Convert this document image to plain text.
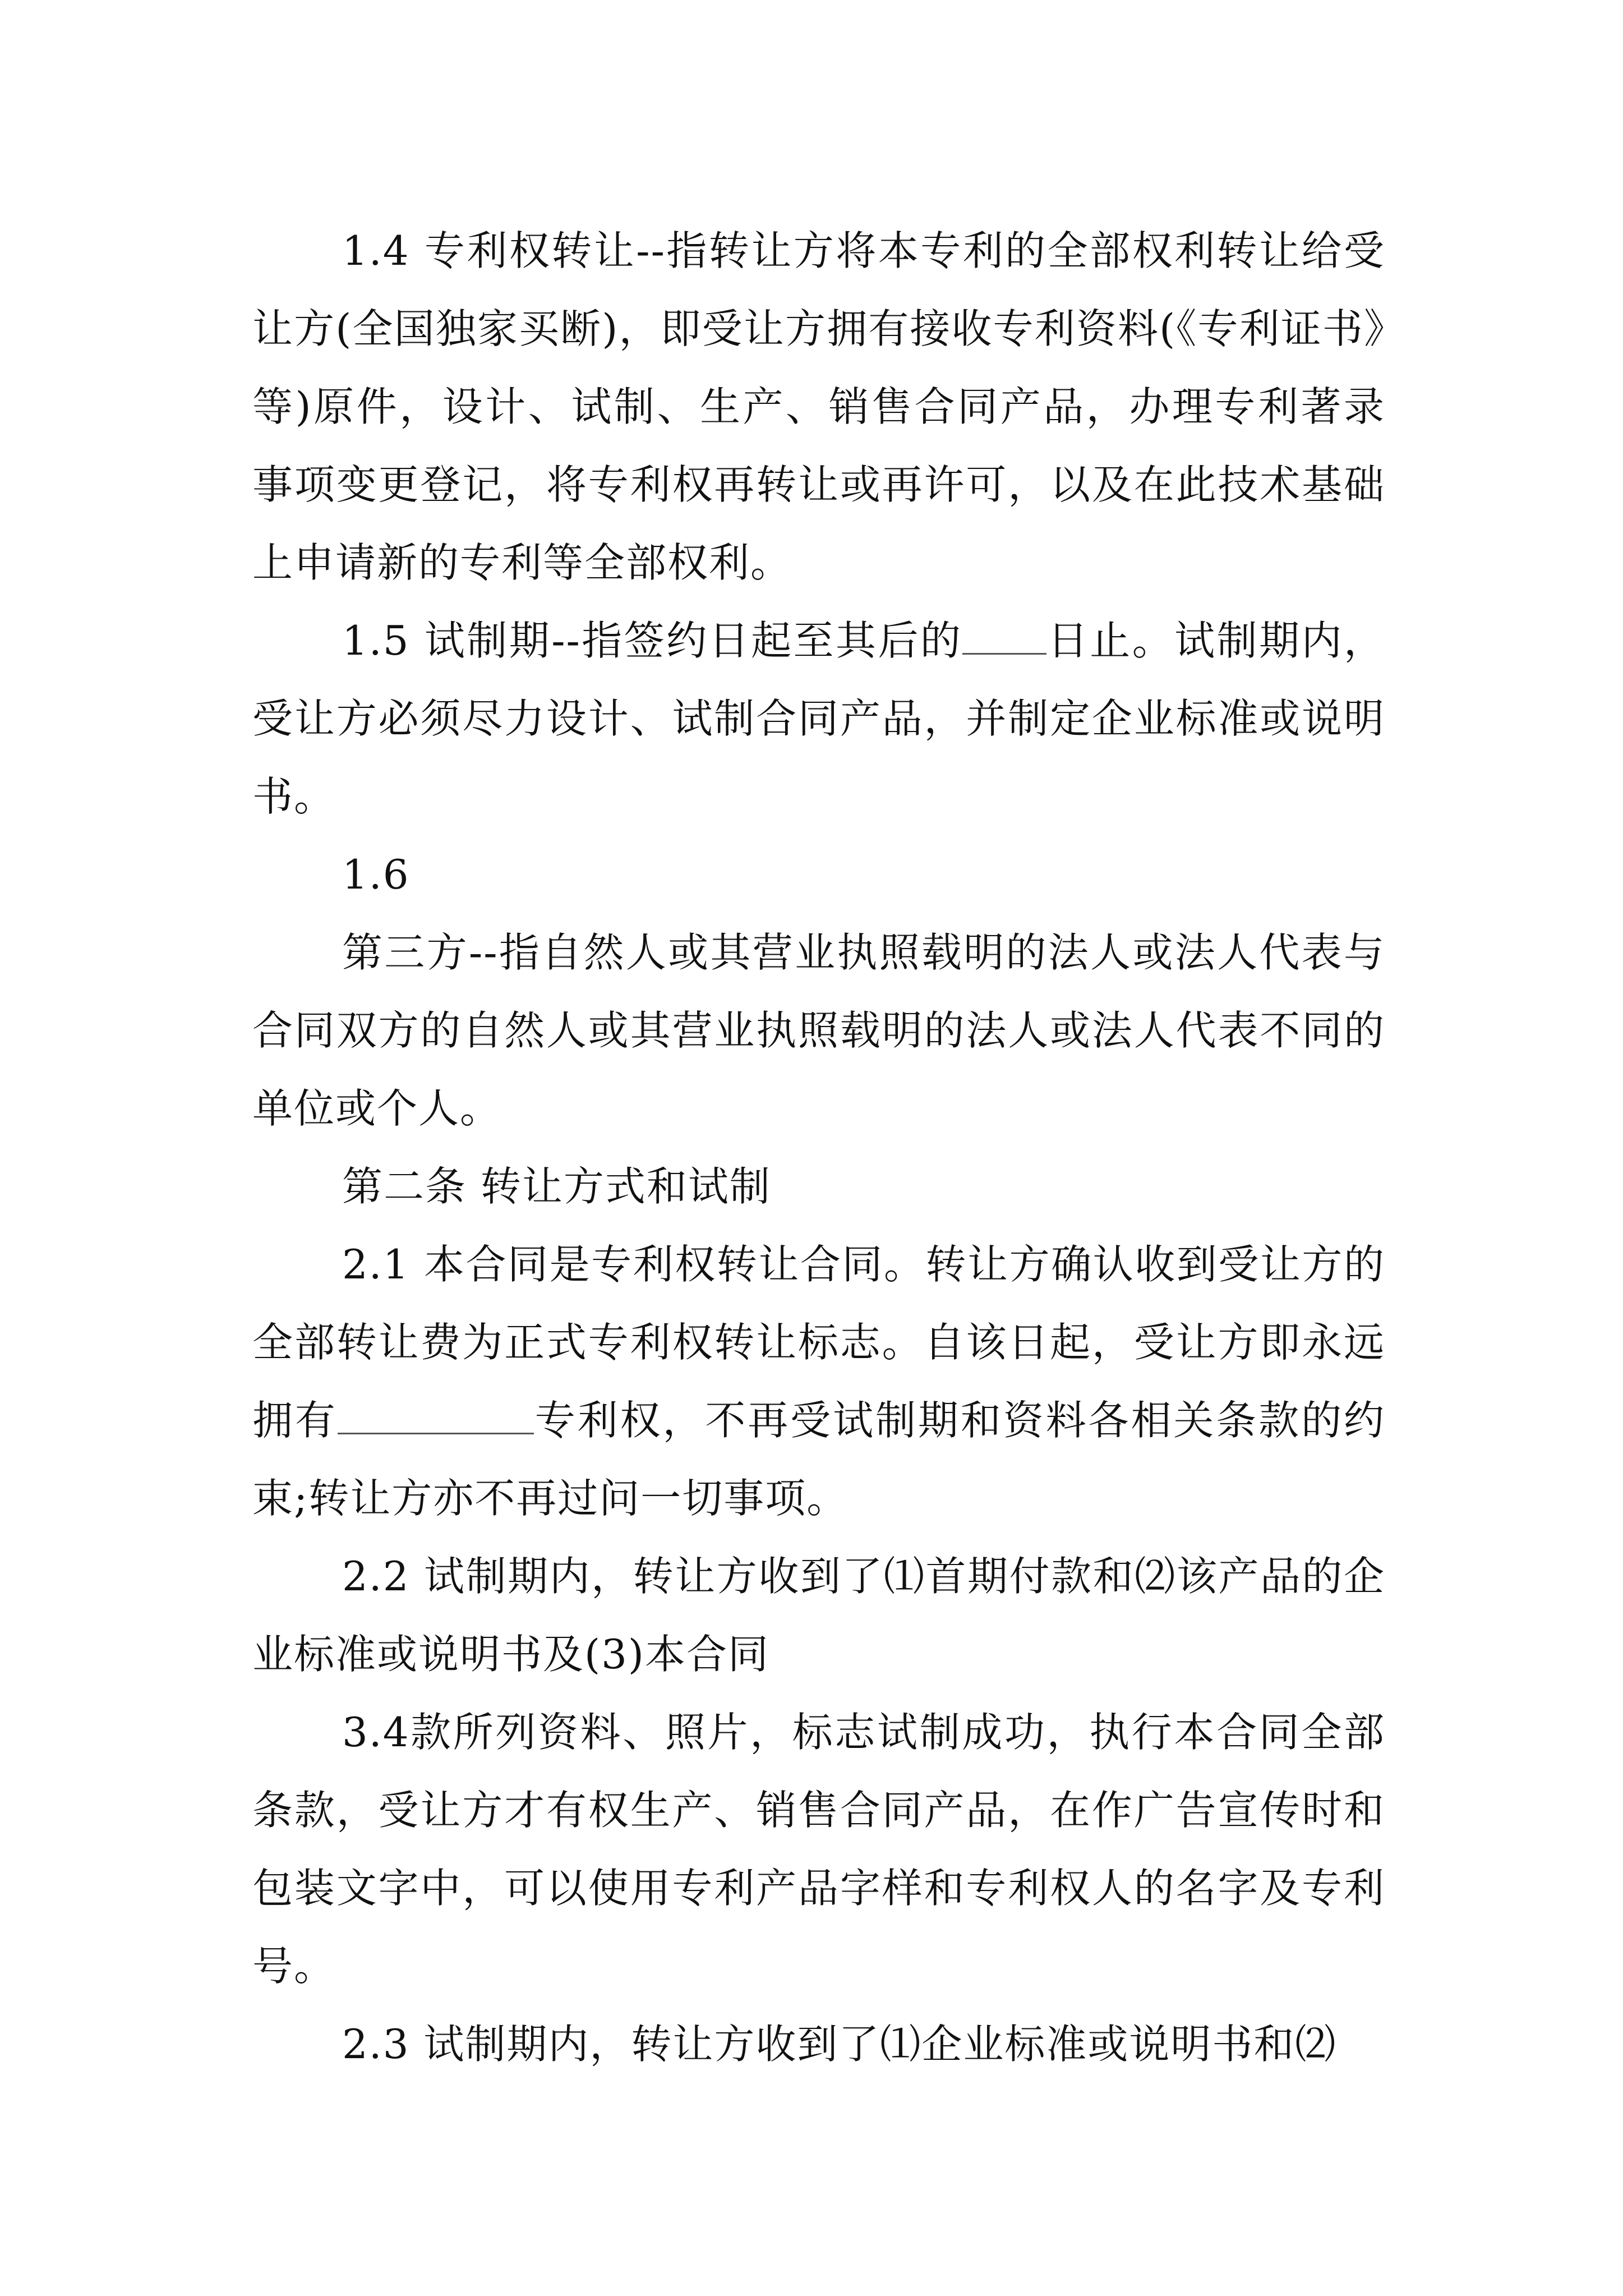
1.4 专利权转让--指转让方将本专利的全部权利转让给受让方(全国独家买断)，即受让方拥有接收专利资料(《专利证书》等)原件，设计、试制、生产、销售合同产品，办理专利著录事项变更登记，将专利权再转让或再许可，以及在此技术基础上申请新的专利等全部权利。

1.5 试制期--指签约日起至其后的 日止。试制期内，受让方必须尽力设计、试制合同产品，并制定企业标准或说明书。

1.6

第三方--指自然人或其营业执照载明的法人或法人代表与合同双方的自然人或其营业执照载明的法人或法人代表不同的单位或个人。

第二条 转让方式和试制

2.1 本合同是专利权转让合同。转让方确认收到受让方的全部转让费为正式专利权转让标志。自该日起，受让方即永远拥有	专利权，不再受试制期和资料各相关条款的约束;转让方亦不再过问一切事项。

2.2 试制期内，转让方收到了⑴首期付款和⑵该产品的企业标准或说明书及(3)本合同

3.4款所列资料、照片，标志试制成功，执行本合同全部条款，受让方才有权生产、销售合同产品，在作广告宣传时和包装文字中，可以使用专利产品字样和专利权人的名字及专利号。

2.3 试制期内，转让方收到了⑴企业标准或说明书和⑵
